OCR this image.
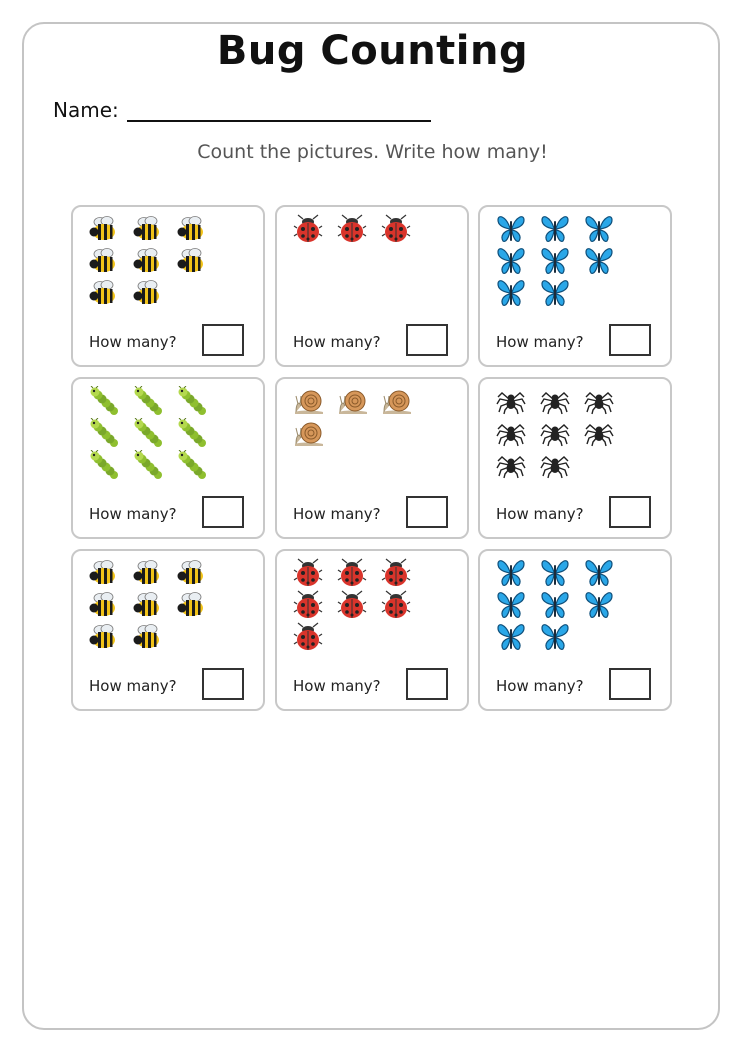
Bug Counting
Name:
Count the pictures. Write how many!
How many?	How many?	How many?
How many?	How many?	How many?
How many?	How many?	How many?
